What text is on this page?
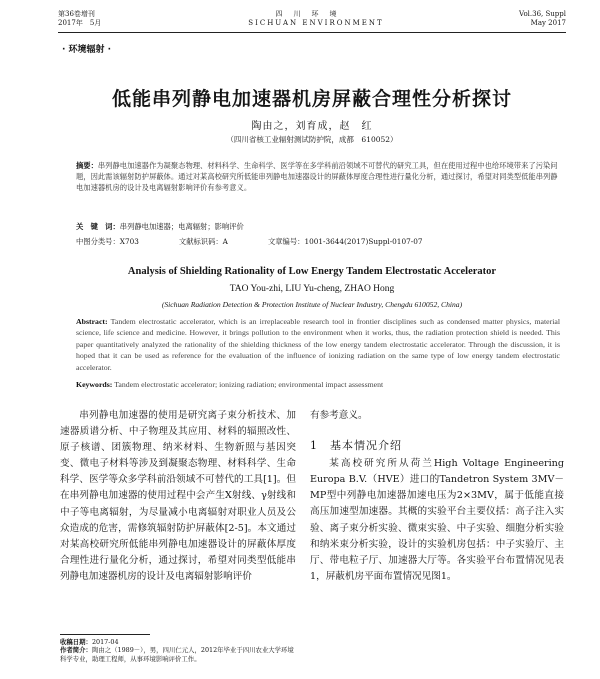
第36卷增刊	四　川　环　境	Vol.36, Suppl
2017年　5月	SICHUAN ENVIRONMENT	May 2017
· 环境辐射 ·
低能串列静电加速器机房屏蔽合理性分析探讨
陶由之，刘育成，赵　红
（四川省核工业辐射测试防护院，成都　610052）
摘要：串列静电加速器作为凝聚态物理、材料科学、生命科学、医学等在多学科前沿领域不可替代的研究工具，但在使用过程中也给环境带来了污染问题，因此需该辐射防护屏蔽体。通过对某高校研究所低能串列静电加速器设计的屏蔽体厚度合理性进行量化分析，通过探讨，希望对同类型低能串列静电加速器机房的设计及电离辐射影响评价有参考意义。
关　键　词：串列静电加速器；电离辐射；影响评价
中图分类号：X703	文献标识码：A	文章编号：1001-3644(2017)Suppl-0107-07
Analysis of Shielding Rationality of Low Energy Tandem Electrostatic Accelerator
TAO You-zhi, LIU Yu-cheng, ZHAO Hong
(Sichuan Radiation Detection & Protection Institute of Nuclear Industry, Chengdu 610052, China)
Abstract: Tandem electrostatic accelerator, which is an irreplaceable research tool in frontier disciplines such as condensed matter physics, material science, life science and medicine. However, it brings pollution to the environment when it works, thus, the radiation protection shield is needed. This paper quantitatively analyzed the rationality of the shielding thickness of the low energy tandem electrostatic accelerator. Through the discussion, it is hoped that it can be used as reference for the evaluation of the influence of ionizing radiation on the same type of low energy tandem electrostatic accelerator.
Keywords: Tandem electrostatic accelerator; ionizing radiation; environmental impact assessment
串列静电加速器的使用是研究离子束分析技术、加速器质谱分析、中子物理及其应用、材料的辐照改性、原子核谱、团簇物理、纳米材料、生物新照与基因突变、微电子材料等涉及到凝聚态物理、材料科学、生命科学、医学等众多学科前沿领域不可替代的工具[1]。但在串列静电加速器的使用过程中会产生X射线、γ射线和中子等电离辐射，为尽量减小电离辐射对职业人员及公众造成的危害，需修筑辐射防护屏蔽体[2-5]。本文通过对某高校研究所低能串列静电加速器设计的屏蔽体厚度合理性进行量化分析，通过探讨，希望对同类型低能串列静电加速器机房的设计及电离辐射影响评价
有参考意义。
1 基本情况介绍
某高校研究所从荷兰High Voltage Engineering Europa B.V.（HVE）进口的Tandetron System 3MV－MP型中列静电加速器加速电压为2×3MV，属于低能直接高压加速型加速器。其概的实验平台主要仪括：高子注入实验、离子束分析实验、微束实验、中子实验、细胞分析实验和纳米束分析实验，设计的实验机房包括：中子实验厅、主厅、带电粒子厅、加速器大厅等。各实验平台布置情况见表1，屏蔽机房平面布置情况见图1。
收稿日期：2017-04
作者简介：陶由之（1989－），男，四川仁元人，2012年毕业于四川农业大学环境科学专业，助理工程师，从事环境影响评价工作。
